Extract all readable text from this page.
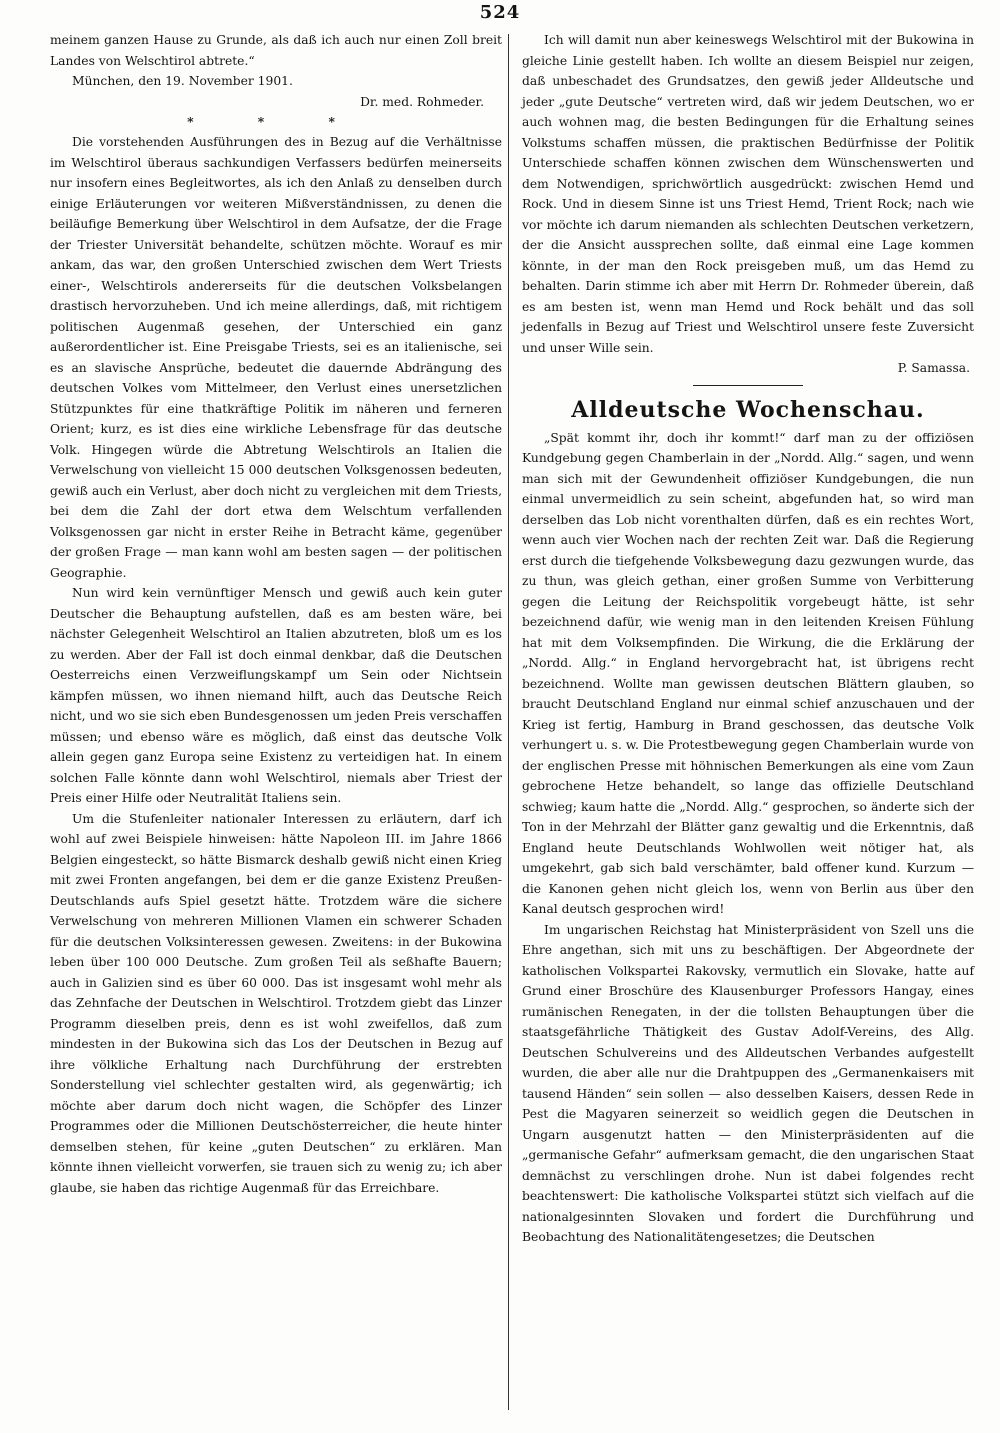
524

meinem ganzen Hause zu Grunde, als daß ich auch nur einen Zoll breit Landes von Welschtirol abtrete.“

München, den 19. November 1901.

Dr. med. Rohmeder.

* * *

Die vorstehenden Ausführungen des in Bezug auf die Verhältnisse im Welschtirol überaus sachkundigen Verfassers bedürfen meinerseits nur insofern eines Begleitwortes, als ich den Anlaß zu denselben durch einige Erläuterungen vor weiteren Mißverständnissen, zu denen die beiläufige Bemerkung über Welschtirol in dem Aufsatze, der die Frage der Triester Universität behandelte, schützen möchte. Worauf es mir ankam, das war, den großen Unterschied zwischen dem Wert Triests einer-, Welschtirols andererseits für die deutschen Volksbelangen drastisch hervorzuheben. Und ich meine allerdings, daß, mit richtigem politischen Augenmaß gesehen, der Unterschied ein ganz außerordentlicher ist. Eine Preisgabe Triests, sei es an italienische, sei es an slavische Ansprüche, bedeutet die dauernde Abdrängung des deutschen Volkes vom Mittelmeer, den Verlust eines unersetzlichen Stützpunktes für eine thatkräftige Politik im näheren und ferneren Orient; kurz, es ist dies eine wirkliche Lebensfrage für das deutsche Volk. Hingegen würde die Abtretung Welschtirols an Italien die Verwelschung von vielleicht 15 000 deutschen Volksgenossen bedeuten, gewiß auch ein Verlust, aber doch nicht zu vergleichen mit dem Triests, bei dem die Zahl der dort etwa dem Welschtum verfallenden Volksgenossen gar nicht in erster Reihe in Betracht käme, gegenüber der großen Frage — man kann wohl am besten sagen — der politischen Geographie.

Nun wird kein vernünftiger Mensch und gewiß auch kein guter Deutscher die Behauptung aufstellen, daß es am besten wäre, bei nächster Gelegenheit Welschtirol an Italien abzutreten, bloß um es los zu werden. Aber der Fall ist doch einmal denkbar, daß die Deutschen Oesterreichs einen Verzweiflungskampf um Sein oder Nichtsein kämpfen müssen, wo ihnen niemand hilft, auch das Deutsche Reich nicht, und wo sie sich eben Bundesgenossen um jeden Preis verschaffen müssen; und ebenso wäre es möglich, daß einst das deutsche Volk allein gegen ganz Europa seine Existenz zu verteidigen hat. In einem solchen Falle könnte dann wohl Welschtirol, niemals aber Triest der Preis einer Hilfe oder Neutralität Italiens sein.

Um die Stufenleiter nationaler Interessen zu erläutern, darf ich wohl auf zwei Beispiele hinweisen: hätte Napoleon III. im Jahre 1866 Belgien eingesteckt, so hätte Bismarck deshalb gewiß nicht einen Krieg mit zwei Fronten angefangen, bei dem er die ganze Existenz Preußen-Deutschlands aufs Spiel gesetzt hätte. Trotzdem wäre die sichere Verwelschung von mehreren Millionen Vlamen ein schwerer Schaden für die deutschen Volksinteressen gewesen. Zweitens: in der Bukowina leben über 100 000 Deutsche. Zum großen Teil als seßhafte Bauern; auch in Galizien sind es über 60 000. Das ist insgesamt wohl mehr als das Zehnfache der Deutschen in Welschtirol. Trotzdem giebt das Linzer Programm dieselben preis, denn es ist wohl zweifellos, daß zum mindesten in der Bukowina sich das Los der Deutschen in Bezug auf ihre völkliche Erhaltung nach Durchführung der erstrebten Sonderstellung viel schlechter gestalten wird, als gegenwärtig; ich möchte aber darum doch nicht wagen, die Schöpfer des Linzer Programmes oder die Millionen Deutschösterreicher, die heute hinter demselben stehen, für keine „guten Deutschen“ zu erklären. Man könnte ihnen vielleicht vorwerfen, sie trauen sich zu wenig zu; ich aber glaube, sie haben das richtige Augenmaß für das Erreichbare.

Ich will damit nun aber keineswegs Welschtirol mit der Bukowina in gleiche Linie gestellt haben. Ich wollte an diesem Beispiel nur zeigen, daß unbeschadet des Grundsatzes, den gewiß jeder Alldeutsche und jeder „gute Deutsche“ vertreten wird, daß wir jedem Deutschen, wo er auch wohnen mag, die besten Bedingungen für die Erhaltung seines Volkstums schaffen müssen, die praktischen Bedürfnisse der Politik Unterschiede schaffen können zwischen dem Wünschenswerten und dem Notwendigen, sprichwörtlich ausgedrückt: zwischen Hemd und Rock. Und in diesem Sinne ist uns Triest Hemd, Trient Rock; nach wie vor möchte ich darum niemanden als schlechten Deutschen verketzern, der die Ansicht aussprechen sollte, daß einmal eine Lage kommen könnte, in der man den Rock preisgeben muß, um das Hemd zu behalten. Darin stimme ich aber mit Herrn Dr. Rohmeder überein, daß es am besten ist, wenn man Hemd und Rock behält und das soll jedenfalls in Bezug auf Triest und Welschtirol unsere feste Zuversicht und unser Wille sein.

P. Samassa.

Alldeutsche Wochenschau.

„Spät kommt ihr, doch ihr kommt!“ darf man zu der offiziösen Kundgebung gegen Chamberlain in der „Nordd. Allg.“ sagen, und wenn man sich mit der Gewundenheit offiziöser Kundgebungen, die nun einmal unvermeidlich zu sein scheint, abgefunden hat, so wird man derselben das Lob nicht vorenthalten dürfen, daß es ein rechtes Wort, wenn auch vier Wochen nach der rechten Zeit war. Daß die Regierung erst durch die tiefgehende Volksbewegung dazu gezwungen wurde, das zu thun, was gleich gethan, einer großen Summe von Verbitterung gegen die Leitung der Reichspolitik vorgebeugt hätte, ist sehr bezeichnend dafür, wie wenig man in den leitenden Kreisen Fühlung hat mit dem Volksempfinden. Die Wirkung, die die Erklärung der „Nordd. Allg.“ in England hervorgebracht hat, ist übrigens recht bezeichnend. Wollte man gewissen deutschen Blättern glauben, so braucht Deutschland England nur einmal schief anzuschauen und der Krieg ist fertig, Hamburg in Brand geschossen, das deutsche Volk verhungert u. s. w. Die Protestbewegung gegen Chamberlain wurde von der englischen Presse mit höhnischen Bemerkungen als eine vom Zaun gebrochene Hetze behandelt, so lange das offizielle Deutschland schwieg; kaum hatte die „Nordd. Allg.“ gesprochen, so änderte sich der Ton in der Mehrzahl der Blätter ganz gewaltig und die Erkenntnis, daß England heute Deutschlands Wohlwollen weit nötiger hat, als umgekehrt, gab sich bald verschämter, bald offener kund. Kurzum — die Kanonen gehen nicht gleich los, wenn von Berlin aus über den Kanal deutsch gesprochen wird!

Im ungarischen Reichstag hat Ministerpräsident von Szell uns die Ehre angethan, sich mit uns zu beschäftigen. Der Abgeordnete der katholischen Volkspartei Rakovsky, vermutlich ein Slovake, hatte auf Grund einer Broschüre des Klausenburger Professors Hangay, eines rumänischen Renegaten, in der die tollsten Behauptungen über die staatsgefährliche Thätigkeit des Gustav Adolf-Vereins, des Allg. Deutschen Schulvereins und des Alldeutschen Verbandes aufgestellt wurden, die aber alle nur die Drahtpuppen des „Germanenkaisers mit tausend Händen“ sein sollen — also desselben Kaisers, dessen Rede in Pest die Magyaren seinerzeit so weidlich gegen die Deutschen in Ungarn ausgenutzt hatten — den Ministerpräsidenten auf die „germanische Gefahr“ aufmerksam gemacht, die den ungarischen Staat demnächst zu verschlingen drohe. Nun ist dabei folgendes recht beachtenswert: Die katholische Volkspartei stützt sich vielfach auf die nationalgesinnten Slovaken und fordert die Durchführung und Beobachtung des Nationalitätengesetzes; die Deutschen
